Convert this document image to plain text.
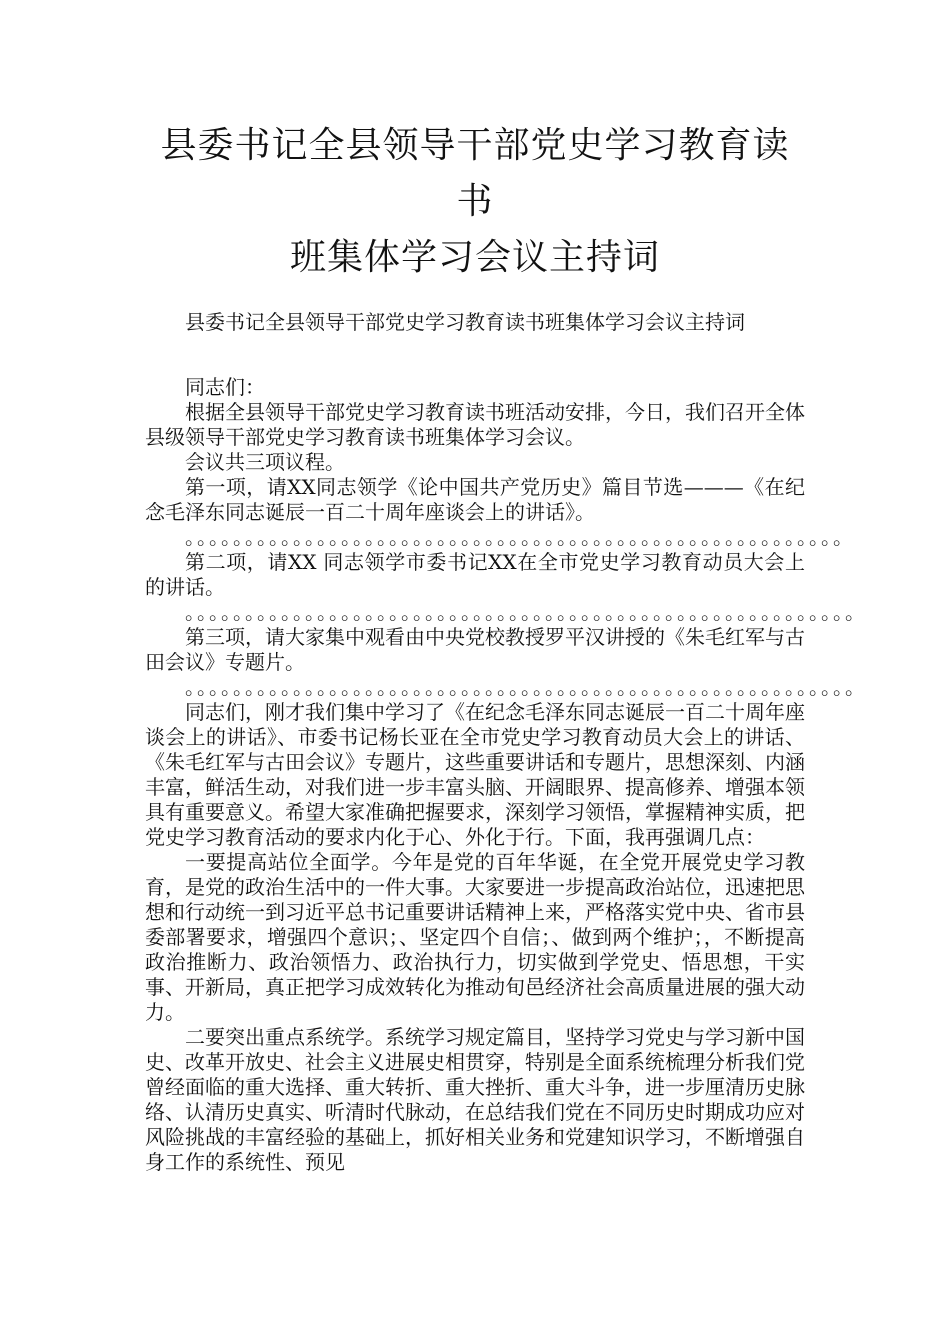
县委书记全县领导干部党史学习教育读书
班集体学习会议主持词

县委书记全县领导干部党史学习教育读书班集体学习会议主持词

同志们：

根据全县领导干部党史学习教育读书班活动安排，今日，我们召开全体县级领导干部党史学习教育读书班集体学习会议。

会议共三项议程。

第一项，请XX同志领学《论中国共产党历史》篇目节选———《在纪念毛泽东同志诞辰一百二十周年座谈会上的讲话》。

。。。。。。。。。。。。。。。。。。。。。。。。。。。。。。。。。。。。。。。。。。。。。。。。。。。。。。。

第二项，请XX 同志领学市委书记XX在全市党史学习教育动员大会上的讲话。

。。。。。。。。。。。。。。。。。。。。。。。。。。。。。。。。。。。。。。。。。。。。。。。。。。。。。。。。

第三项，请大家集中观看由中央党校教授罗平汉讲授的《朱毛红军与古田会议》专题片。

。。。。。。。。。。。。。。。。。。。。。。。。。。。。。。。。。。。。。。。。。。。。。。。。。。。。。。。。

同志们，刚才我们集中学习了《在纪念毛泽东同志诞辰一百二十周年座谈会上的讲话》、市委书记杨长亚在全市党史学习教育动员大会上的讲话、《朱毛红军与古田会议》专题片，这些重要讲话和专题片，思想深刻、内涵丰富，鲜活生动，对我们进一步丰富头脑、开阔眼界、提高修养、增强本领具有重要意义。希望大家准确把握要求，深刻学习领悟，掌握精神实质，把党史学习教育活动的要求内化于心、外化于行。下面，我再强调几点：

一要提高站位全面学。今年是党的百年华诞，在全党开展党史学习教育，是党的政治生活中的一件大事。大家要进一步提高政治站位，迅速把思想和行动统一到习近平总书记重要讲话精神上来，严格落实党中央、省市县委部署要求，增强四个意识；、坚定四个自信；、做到两个维护；，不断提高政治推断力、政治领悟力、政治执行力，切实做到学党史、悟思想，干实事、开新局，真正把学习成效转化为推动旬邑经济社会高质量进展的强大动力。

二要突出重点系统学。系统学习规定篇目，坚持学习党史与学习新中国史、改革开放史、社会主义进展史相贯穿，特别是全面系统梳理分析我们党曾经面临的重大选择、重大转折、重大挫折、重大斗争，进一步厘清历史脉络、认清历史真实、听清时代脉动，在总结我们党在不同历史时期成功应对风险挑战的丰富经验的基础上，抓好相关业务和党建知识学习，不断增强自身工作的系统性、预见
